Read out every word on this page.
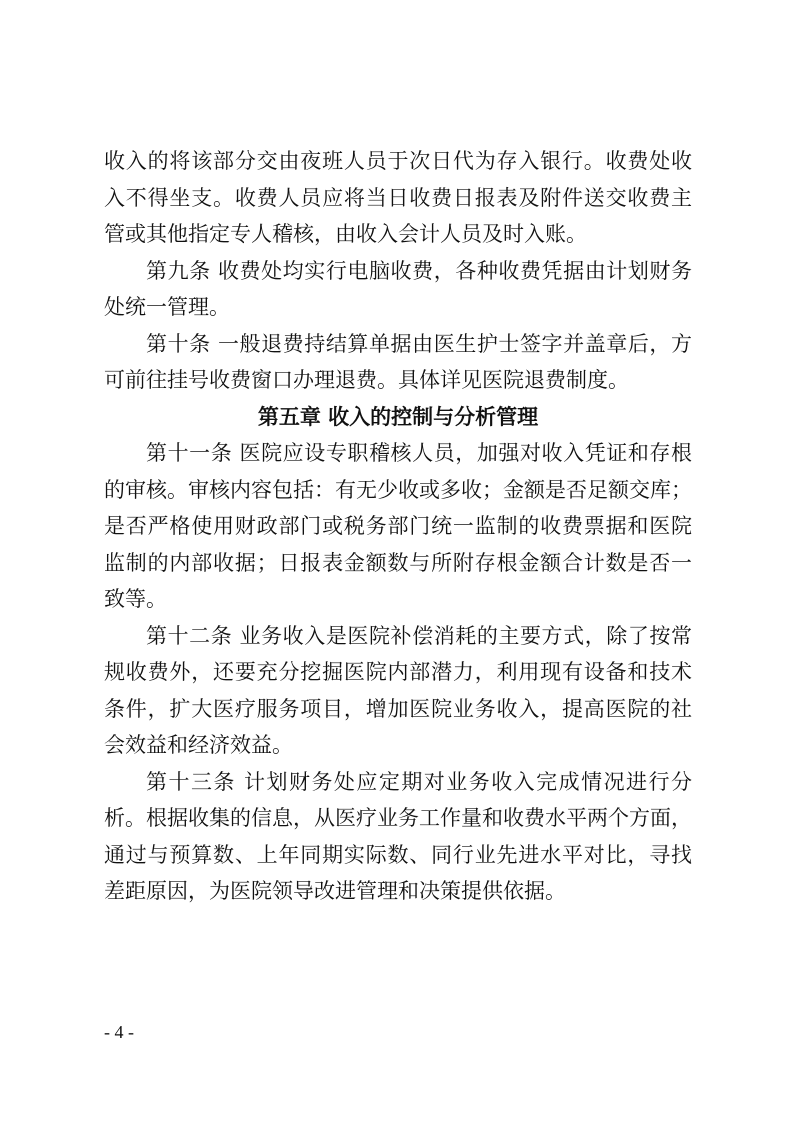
收入的将该部分交由夜班人员于次日代为存入银行。收费处收
入不得坐支。收费人员应将当日收费日报表及附件送交收费主
管或其他指定专人稽核，由收入会计人员及时入账。
第九条 收费处均实行电脑收费，各种收费凭据由计划财务
处统一管理。
第十条 一般退费持结算单据由医生护士签字并盖章后，方
可前往挂号收费窗口办理退费。具体详见医院退费制度。
第五章 收入的控制与分析管理
第十一条 医院应设专职稽核人员，加强对收入凭证和存根
的审核。审核内容包括：有无少收或多收；金额是否足额交库；
是否严格使用财政部门或税务部门统一监制的收费票据和医院
监制的内部收据；日报表金额数与所附存根金额合计数是否一
致等。
第十二条 业务收入是医院补偿消耗的主要方式，除了按常
规收费外，还要充分挖掘医院内部潜力，利用现有设备和技术
条件，扩大医疗服务项目，增加医院业务收入，提高医院的社
会效益和经济效益。
第十三条 计划财务处应定期对业务收入完成情况进行分
析。根据收集的信息，从医疗业务工作量和收费水平两个方面，
通过与预算数、上年同期实际数、同行业先进水平对比，寻找
差距原因，为医院领导改进管理和决策提供依据。
- 4 -
